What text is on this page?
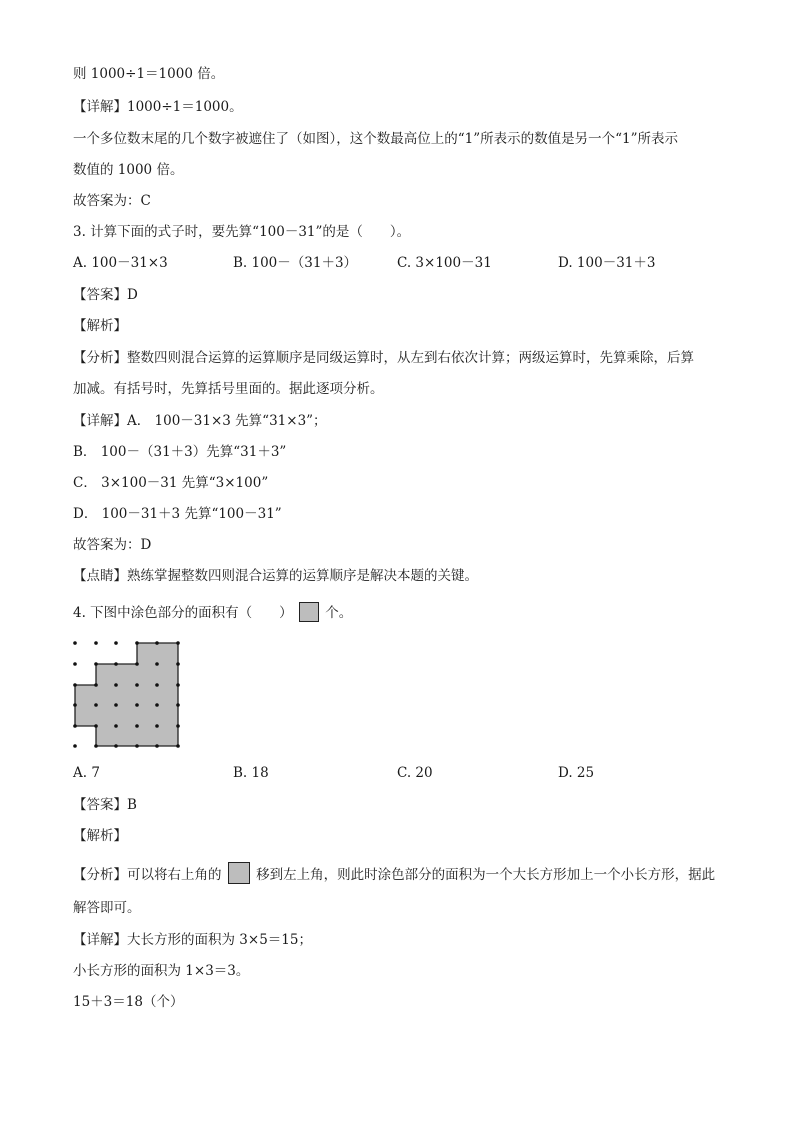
则 1000÷1＝1000 倍。
【详解】1000÷1＝1000。
一个多位数末尾的几个数字被遮住了（如图），这个数最高位上的“1”所表示的数值是另一个“1”所表示
数值的 1000 倍。
故答案为：C
3. 计算下面的式子时，要先算“100－31”的是（　　）。
A. 100－31×3	B. 100－（31＋3）	C. 3×100－31	D. 100－31＋3
【答案】D
【解析】
【分析】整数四则混合运算的运算顺序是同级运算时，从左到右依次计算；两级运算时，先算乘除，后算
加减。有括号时，先算括号里面的。据此逐项分析。
【详解】A． 100－31×3 先算“31×3”；
B． 100－（31＋3）先算“31＋3”
C． 3×100－31 先算“3×100”
D． 100－31＋3 先算“100－31”
故答案为：D
【点睛】熟练掌握整数四则混合运算的运算顺序是解决本题的关键。
4. 下图中涂色部分的面积有（　　） 个。
A. 7	B. 18	C. 20	D. 25
【答案】B
【解析】
【分析】可以将右上角的	移到左上角，则此时涂色部分的面积为一个大长方形加上一个小长方形，据此
解答即可。
【详解】大长方形的面积为 3×5＝15；
小长方形的面积为 1×3＝3。
15＋3＝18（个）
